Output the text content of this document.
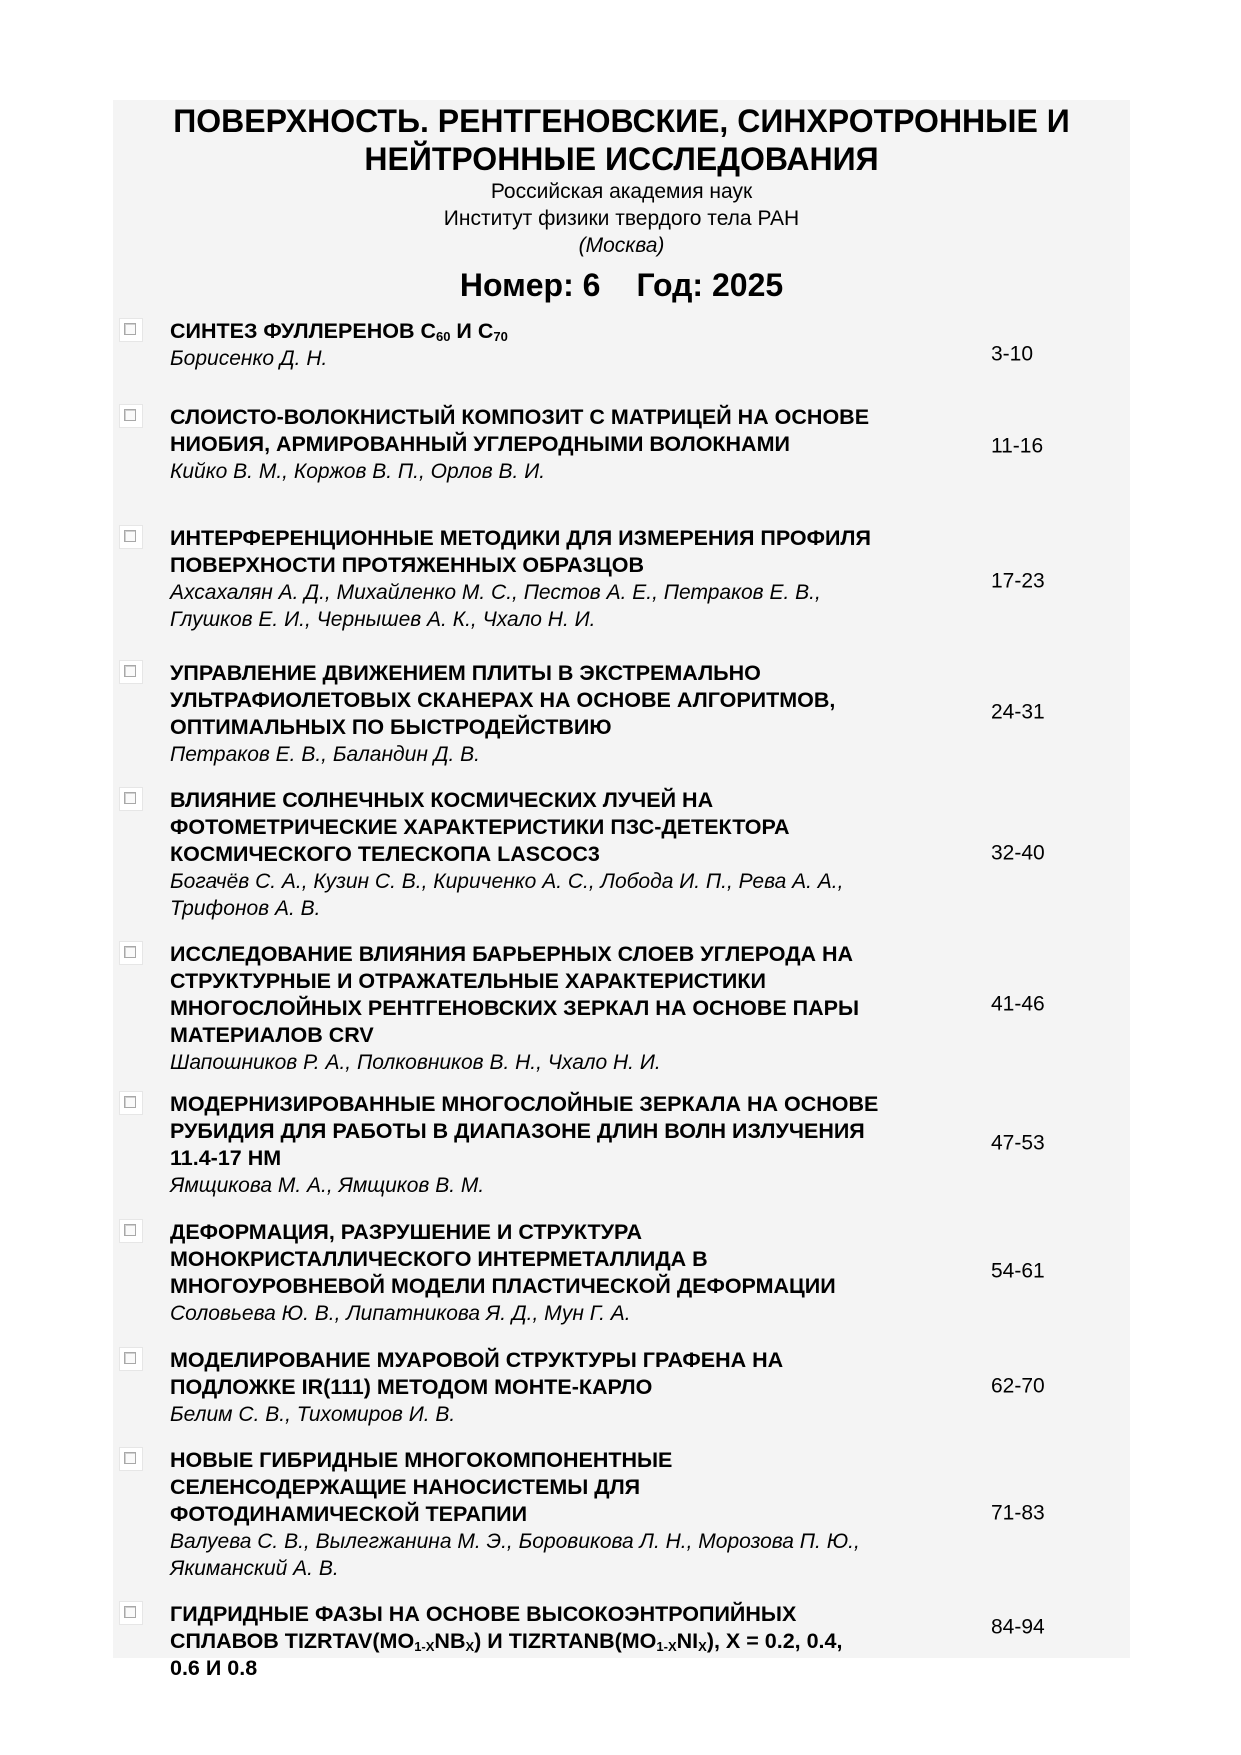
ПОВЕРХНОСТЬ. РЕНТГЕНОВСКИЕ, СИНХРОТРОННЫЕ И
НЕЙТРОННЫЕ ИССЛЕДОВАНИЯ
Российская академия наук
Институт физики твердого тела РАН
(Москва)
Номер: 6 Год: 2025
СИНТЕЗ ФУЛЛЕРЕНОВ $C_{60}$ И $C_{70}$
Борисенко Д. Н.	3-10
СЛОИСТО-ВОЛОКНИСТЫЙ КОМПОЗИТ С МАТРИЦЕЙ НА ОСНОВЕ
НИОБИЯ, АРМИРОВАННЫЙ УГЛЕРОДНЫМИ ВОЛОКНАМИ
Кийко В. М., Коржов В. П., Орлов В. И.
11-16
ИНТЕРФЕРЕНЦИОННЫЕ МЕТОДИКИ ДЛЯ ИЗМЕРЕНИЯ ПРОФИЛЯ
ПОВЕРХНОСТИ ПРОТЯЖЕННЫХ ОБРАЗЦОВ
Ахсахалян А. Д., Михайленко М. С., Пестов А. Е., Петраков Е. В.,
Глушков Е. И., Чернышев А. К., Чхало Н. И.
17-23
УПРАВЛЕНИЕ ДВИЖЕНИЕМ ПЛИТЫ В ЭКСТРЕМАЛЬНО
УЛЬТРАФИОЛЕТОВЫХ СКАНЕРАХ НА ОСНОВЕ АЛГОРИТМОВ,
ОПТИМАЛЬНЫХ ПО БЫСТРОДЕЙСТВИЮ
Петраков Е. В., Баландин Д. В.
24-31
ВЛИЯНИЕ СОЛНЕЧНЫХ КОСМИЧЕСКИХ ЛУЧЕЙ НА
ФОТОМЕТРИЧЕСКИЕ ХАРАКТЕРИСТИКИ ПЗС-ДЕТЕКТОРА
КОСМИЧЕСКОГО ТЕЛЕСКОПА LASCOC3
Богачёв С. А., Кузин С. В., Кириченко А. С., Лобода И. П., Рева А. А.,
Трифонов А. В.
32-40
ИССЛЕДОВАНИЕ ВЛИЯНИЯ БАРЬЕРНЫХ СЛОЕВ УГЛЕРОДА НА
СТРУКТУРНЫЕ И ОТРАЖАТЕЛЬНЫЕ ХАРАКТЕРИСТИКИ
МНОГОСЛОЙНЫХ РЕНТГЕНОВСКИХ ЗЕРКАЛ НА ОСНОВЕ ПАРЫ
МАТЕРИАЛОВ CRV
Шапошников Р. А., Полковников В. Н., Чхало Н. И.
41-46
МОДЕРНИЗИРОВАННЫЕ МНОГОСЛОЙНЫЕ ЗЕРКАЛА НА ОСНОВЕ
РУБИДИЯ ДЛЯ РАБОТЫ В ДИАПАЗОНЕ ДЛИН ВОЛН ИЗЛУЧЕНИЯ
11.4-17 НМ
Ямщикова М. А., Ямщиков В. М.
47-53
ДЕФОРМАЦИЯ, РАЗРУШЕНИЕ И СТРУКТУРА
МОНОКРИСТАЛЛИЧЕСКОГО ИНТЕРМЕТАЛЛИДА В
МНОГОУРОВНЕВОЙ МОДЕЛИ ПЛАСТИЧЕСКОЙ ДЕФОРМАЦИИ
Соловьева Ю. В., Липатникова Я. Д., Мун Г. А.
54-61
МОДЕЛИРОВАНИЕ МУАРОВОЙ СТРУКТУРЫ ГРАФЕНА НА
ПОДЛОЖКЕ IR(111) МЕТОДОМ МОНТЕ-КАРЛО
Белим С. В., Тихомиров И. В.
62-70
НОВЫЕ ГИБРИДНЫЕ МНОГОКОМПОНЕНТНЫЕ
СЕЛЕНСОДЕРЖАЩИЕ НАНОСИСТЕМЫ ДЛЯ
ФОТОДИНАМИЧЕСКОЙ ТЕРАПИИ
Валуева С. В., Вылегжанина М. Э., Боровикова Л. Н., Морозова П. Ю.,
Якиманский А. В.
71-83
ГИДРИДНЫЕ ФАЗЫ НА ОСНОВЕ ВЫСОКОЭНТРОПИЙНЫХ
СПЛАВОВ $TIZRTAV(MO_{1-X}NB_X)$ И $TIZRTANB(MO_{1-X}NI_X)$, X = 0.2, 0.4,
0.6 И 0.8
84-94
